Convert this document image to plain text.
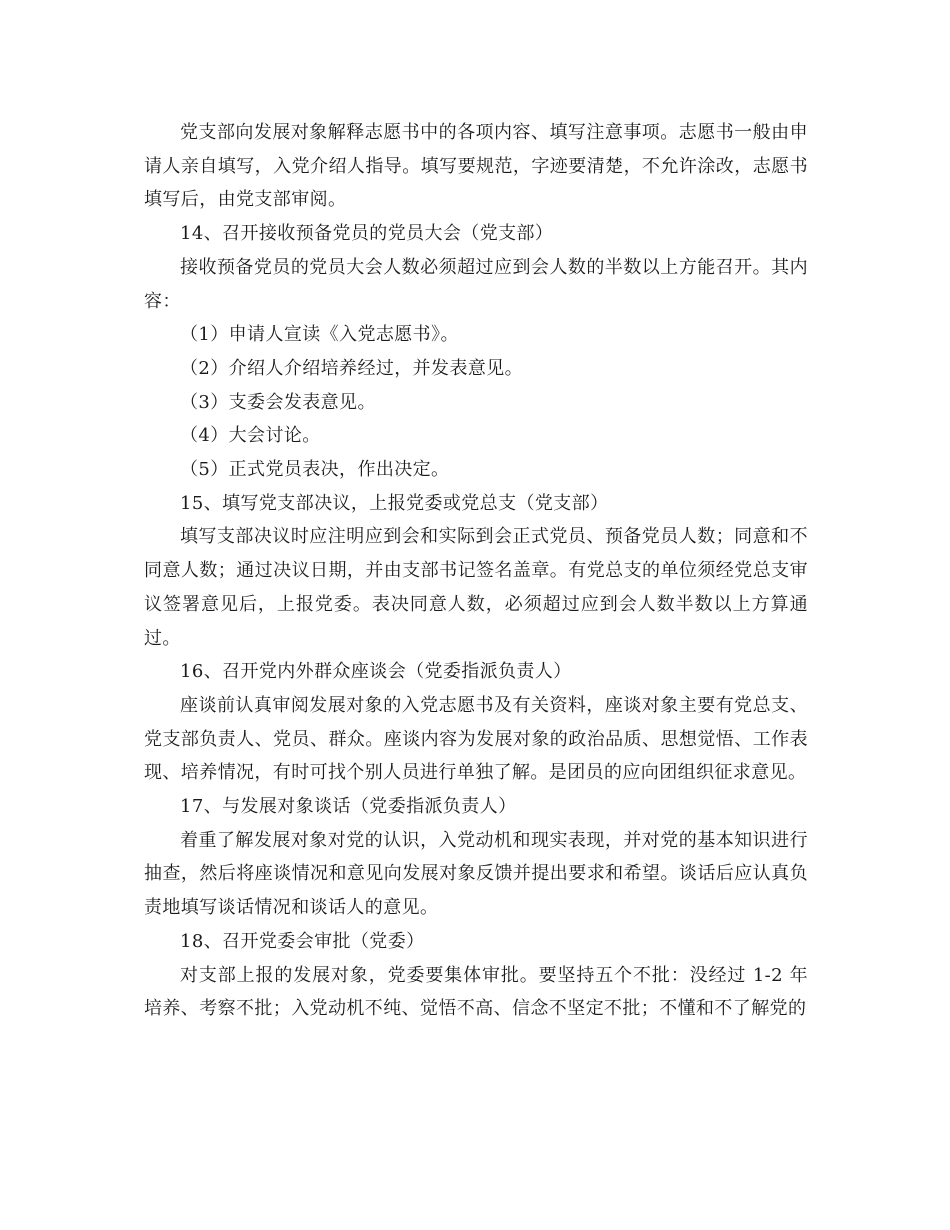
党支部向发展对象解释志愿书中的各项内容、填写注意事项。志愿书一般由申请人亲自填写，入党介绍人指导。填写要规范，字迹要清楚，不允许涂改，志愿书填写后，由党支部审阅。

14、召开接收预备党员的党员大会（党支部）

接收预备党员的党员大会人数必须超过应到会人数的半数以上方能召开。其内容：

（1）申请人宣读《入党志愿书》。

（2）介绍人介绍培养经过，并发表意见。

（3）支委会发表意见。

（4）大会讨论。

（5）正式党员表决，作出决定。

15、填写党支部决议，上报党委或党总支（党支部）

填写支部决议时应注明应到会和实际到会正式党员、预备党员人数；同意和不同意人数；通过决议日期，并由支部书记签名盖章。有党总支的单位须经党总支审议签署意见后，上报党委。表决同意人数，必须超过应到会人数半数以上方算通过。

16、召开党内外群众座谈会（党委指派负责人）

座谈前认真审阅发展对象的入党志愿书及有关资料，座谈对象主要有党总支、党支部负责人、党员、群众。座谈内容为发展对象的政治品质、思想觉悟、工作表现、培养情况，有时可找个别人员进行单独了解。是团员的应向团组织征求意见。

17、与发展对象谈话（党委指派负责人）

着重了解发展对象对党的认识，入党动机和现实表现，并对党的基本知识进行抽查，然后将座谈情况和意见向发展对象反馈并提出要求和希望。谈话后应认真负责地填写谈话情况和谈话人的意见。

18、召开党委会审批（党委）

对支部上报的发展对象，党委要集体审批。要坚持五个不批：没经过 1-2 年培养、考察不批；入党动机不纯、觉悟不高、信念不坚定不批；不懂和不了解党的
